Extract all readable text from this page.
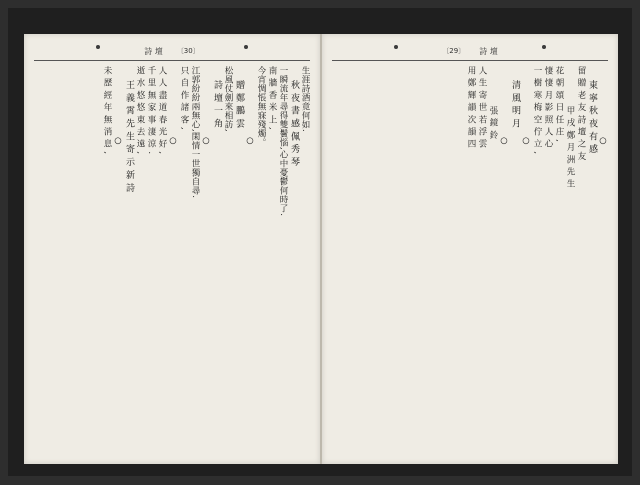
詩 壇 〔30〕
生涯詩酒竟何如.
秋 夜 書 感 佩 秀 琴
一瞬流年尋得雙鬢惱,心中憂鬱何時了.
南 牆 香 米 上 ,
今宵惆悵無寐殘燭。
○
贈 鄭 鵬 雲
松風仗劍來相訪,
詩 壇 一 角
○
江郭紛紛兩無心,閑情一世獨自尋.
只 自 作 諸 客 ,
○
人 人 盡 道 春 光 好 ,
千 里 無 家 事 淒 涼 .
逝 水 悠 悠 東 去 遠 ,
王 義 霄 先 生 寄 示 新 詩
○
未 歷 經 年 無 消 息 ,
〔29〕 詩 壇
○
東 寧 秋 夜 有 感
留 贈 老 友 詩 壇 之 友
甲 戌 鄭 月 洲 先 生
花 朝 頌 日 任 庄 ,
悽 悽 月 影 照 人 心
一 樹 寒 梅 空 佇 立 ,
○
清 風 明 月
○
張 鏡 鈴
人 生 寄 世 若 浮 雲
用 鄭 輝 韻 次 韻 四
